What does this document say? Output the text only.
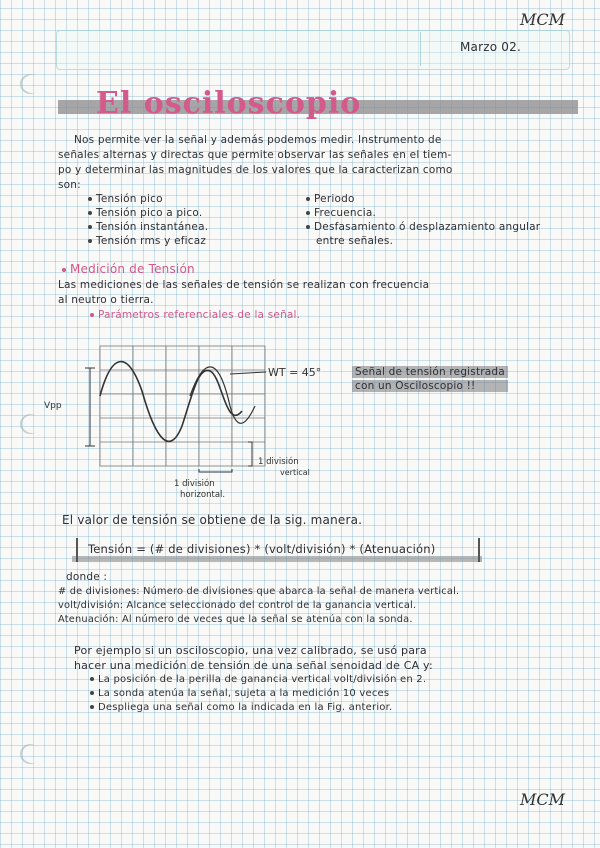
MCM
Marzo 02.
El osciloscopio
Nos permite ver la señal y además podemos medir. Instrumento de
señales alternas y directas que permite observar las señales en el tiem-
po y determinar las magnitudes de los valores que la caracterizan como
son:
Tensión pico
Tensión pico a pico.
Tensión instantánea.
Tensión rms y eficaz
Periodo
Frecuencia.
Desfasamiento ó desplazamiento angular
entre señales.
Medición de Tensión
Las mediciones de las señales de tensión se realizan con frecuencia
al neutro o tierra.
Parámetros referenciales de la señal.
Vpp
WT = 45°
1 división
vertical
1 división
horizontal.
Señal de tensión registrada
con un Osciloscopio !!
El valor de tensión se obtiene de la sig. manera.
Tensión = (# de divisiones) * (volt/división) * (Atenuación)
donde :
# de divisiones: Número de divisiones que abarca la señal de manera vertical.
volt/división: Alcance seleccionado del control de la ganancia vertical.
Atenuación: Al número de veces que la señal se atenúa con la sonda.
Por ejemplo si un osciloscopio, una vez calibrado, se usó para
hacer una medición de tensión de una señal senoidad de CA y:
La posición de la perilla de ganancia vertical volt/división en 2.
La sonda atenúa la señal, sujeta a la medición 10 veces
Despliega una señal como la indicada en la Fig. anterior.
MCM
